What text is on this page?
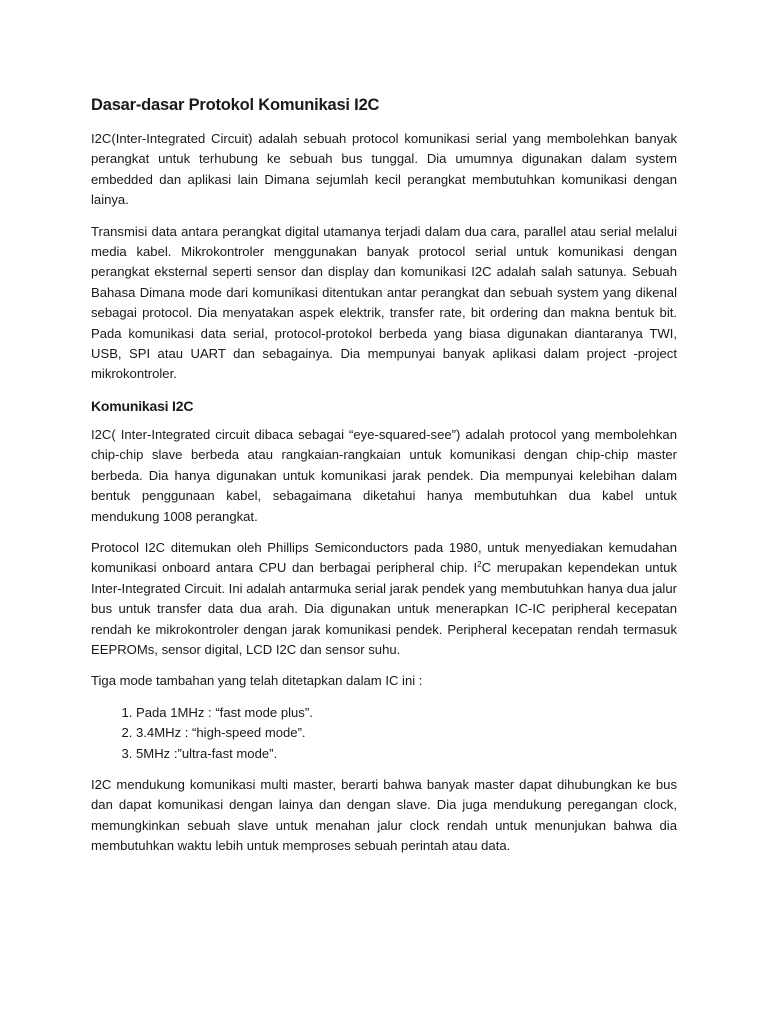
Dasar-dasar Protokol Komunikasi I2C

I2C(Inter-Integrated Circuit) adalah sebuah protocol komunikasi serial yang membolehkan banyak perangkat untuk terhubung ke sebuah bus tunggal. Dia umumnya digunakan dalam system embedded dan aplikasi lain Dimana sejumlah kecil perangkat membutuhkan komunikasi dengan lainya.

Transmisi data antara perangkat digital utamanya terjadi dalam dua cara, parallel atau serial melalui media kabel. Mikrokontroler menggunakan banyak protocol serial untuk komunikasi dengan perangkat eksternal seperti sensor dan display dan komunikasi I2C adalah salah satunya. Sebuah Bahasa Dimana mode dari komunikasi ditentukan antar perangkat dan sebuah system yang dikenal sebagai protocol. Dia menyatakan aspek elektrik, transfer rate, bit ordering dan makna bentuk bit. Pada komunikasi data serial, protocol-protokol berbeda yang biasa digunakan diantaranya TWI, USB, SPI atau UART dan sebagainya. Dia mempunyai banyak aplikasi dalam project -project mikrokontroler.

Komunikasi I2C

I2C( Inter-Integrated circuit dibaca sebagai “eye-squared-see”) adalah protocol yang membolehkan chip-chip slave berbeda atau rangkaian-rangkaian untuk komunikasi dengan chip-chip master berbeda. Dia hanya digunakan untuk komunikasi jarak pendek. Dia mempunyai kelebihan dalam bentuk penggunaan kabel, sebagaimana diketahui hanya membutuhkan dua kabel untuk mendukung 1008 perangkat.

Protocol I2C ditemukan oleh Phillips Semiconductors pada 1980, untuk menyediakan kemudahan komunikasi onboard antara CPU dan berbagai peripheral chip. $I^2C$ merupakan kependekan untuk Inter-Integrated Circuit. Ini adalah antarmuka serial jarak pendek yang membutuhkan hanya dua jalur bus untuk transfer data dua arah. Dia digunakan untuk menerapkan IC-IC peripheral kecepatan rendah ke mikrokontroler dengan jarak komunikasi pendek. Peripheral kecepatan rendah termasuk EEPROMs, sensor digital, LCD I2C dan sensor suhu.

Tiga mode tambahan yang telah ditetapkan dalam IC ini :

1. Pada 1MHz : “fast mode plus”.
2. 3.4MHz : “high-speed mode”.
3. 5MHz :”ultra-fast mode”.

I2C mendukung komunikasi multi master, berarti bahwa banyak master dapat dihubungkan ke bus dan dapat komunikasi dengan lainya dan dengan slave. Dia juga mendukung peregangan clock, memungkinkan sebuah slave untuk menahan jalur clock rendah untuk menunjukan bahwa dia membutuhkan waktu lebih untuk memproses sebuah perintah atau data.
